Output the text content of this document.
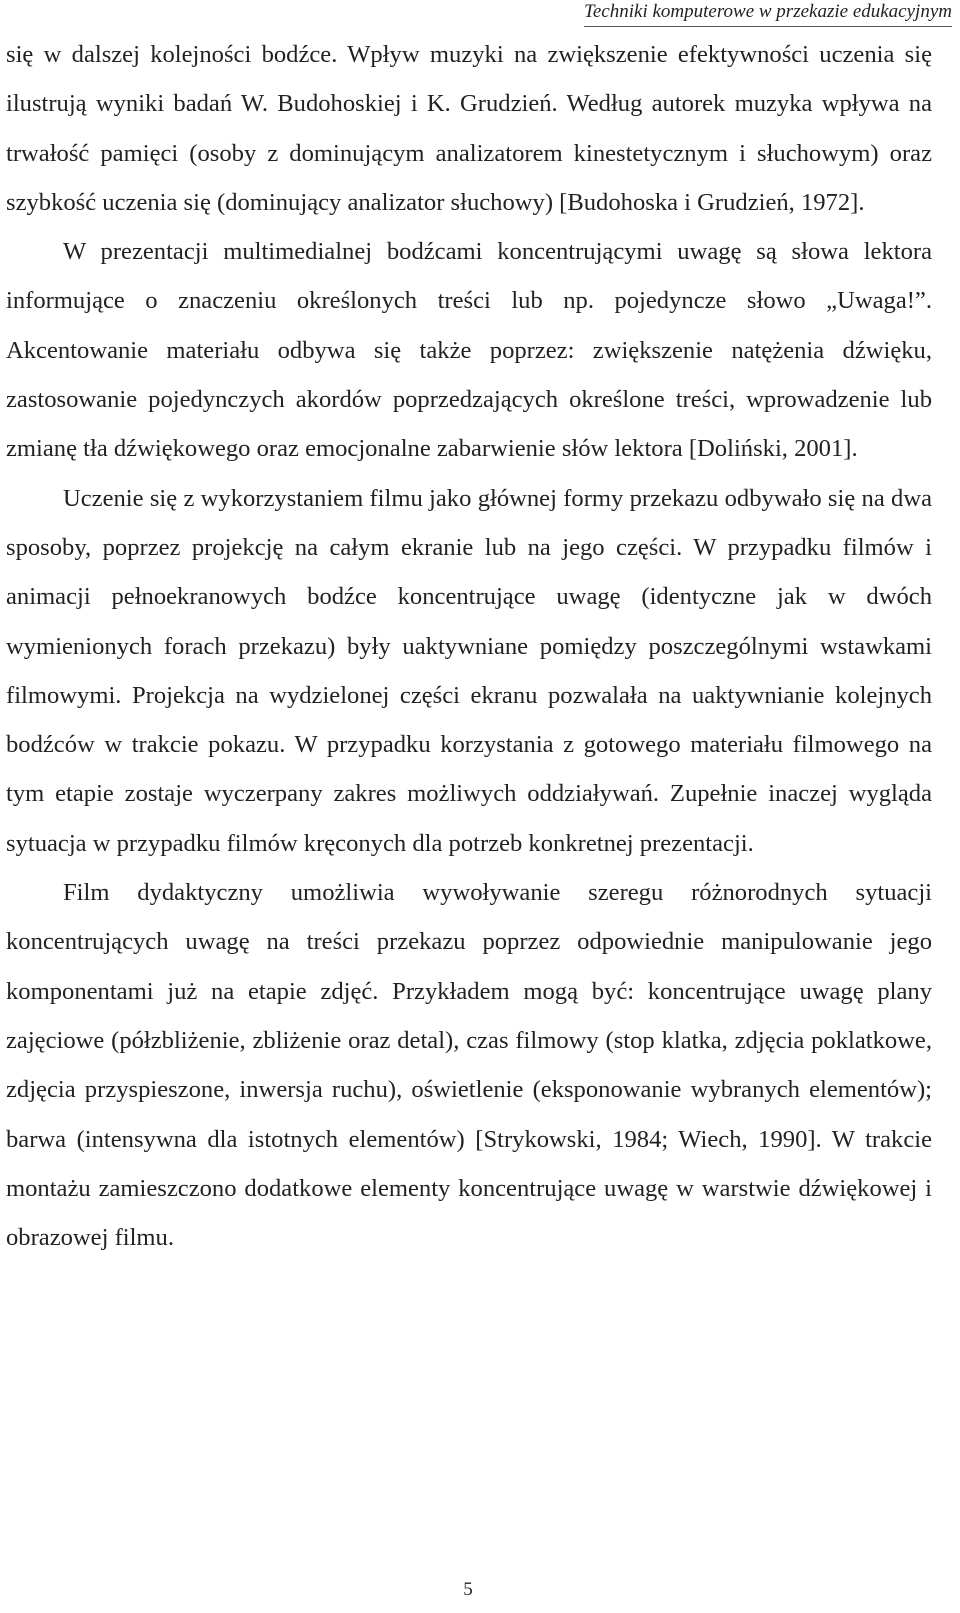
Techniki komputerowe w przekazie edukacyjnym

się w dalszej kolejności bodźce. Wpływ muzyki na zwiększenie efektywności uczenia się ilustrują wyniki badań W. Budohoskiej i K. Grudzień. Według autorek muzyka wpływa na trwałość pamięci (osoby z dominującym analizatorem kinestetycznym i słuchowym) oraz szybkość uczenia się (dominujący analizator słuchowy) [Budohoska i Grudzień, 1972].

W prezentacji multimedialnej bodźcami koncentrującymi uwagę są słowa lektora informujące o znaczeniu określonych treści lub np. pojedyncze słowo „Uwaga!”. Akcentowanie materiału odbywa się także poprzez: zwiększenie natężenia dźwięku, zastosowanie pojedynczych akordów poprzedzających określone treści, wprowadzenie lub zmianę tła dźwiękowego oraz emocjonalne zabarwienie słów lektora [Doliński, 2001].

Uczenie się z wykorzystaniem filmu jako głównej formy przekazu odbywało się na dwa sposoby, poprzez projekcję na całym ekranie lub na jego części. W przypadku filmów i animacji pełnoekranowych bodźce koncentrujące uwagę (identyczne jak w dwóch wymienionych forach przekazu) były uaktywniane pomiędzy poszczególnymi wstawkami filmowymi. Projekcja na wydzielonej części ekranu pozwalała na uaktywnianie kolejnych bodźców w trakcie pokazu. W przypadku korzystania z gotowego materiału filmowego na tym etapie zostaje wyczerpany zakres możliwych oddziaływań. Zupełnie inaczej wygląda sytuacja w przypadku filmów kręconych dla potrzeb konkretnej prezentacji.

Film dydaktyczny umożliwia wywoływanie szeregu różnorodnych sytuacji koncentrujących uwagę na treści przekazu poprzez odpowiednie manipulowanie jego komponentami już na etapie zdjęć. Przykładem mogą być: koncentrujące uwagę plany zajęciowe (półzbliżenie, zbliżenie oraz detal), czas filmowy (stop klatka, zdjęcia poklatkowe, zdjęcia przyspieszone, inwersja ruchu), oświetlenie (eksponowanie wybranych elementów); barwa (intensywna dla istotnych elementów) [Strykowski, 1984; Wiech, 1990]. W trakcie montażu zamieszczono dodatkowe elementy koncentrujące uwagę w warstwie dźwiękowej i obrazowej filmu.

5
